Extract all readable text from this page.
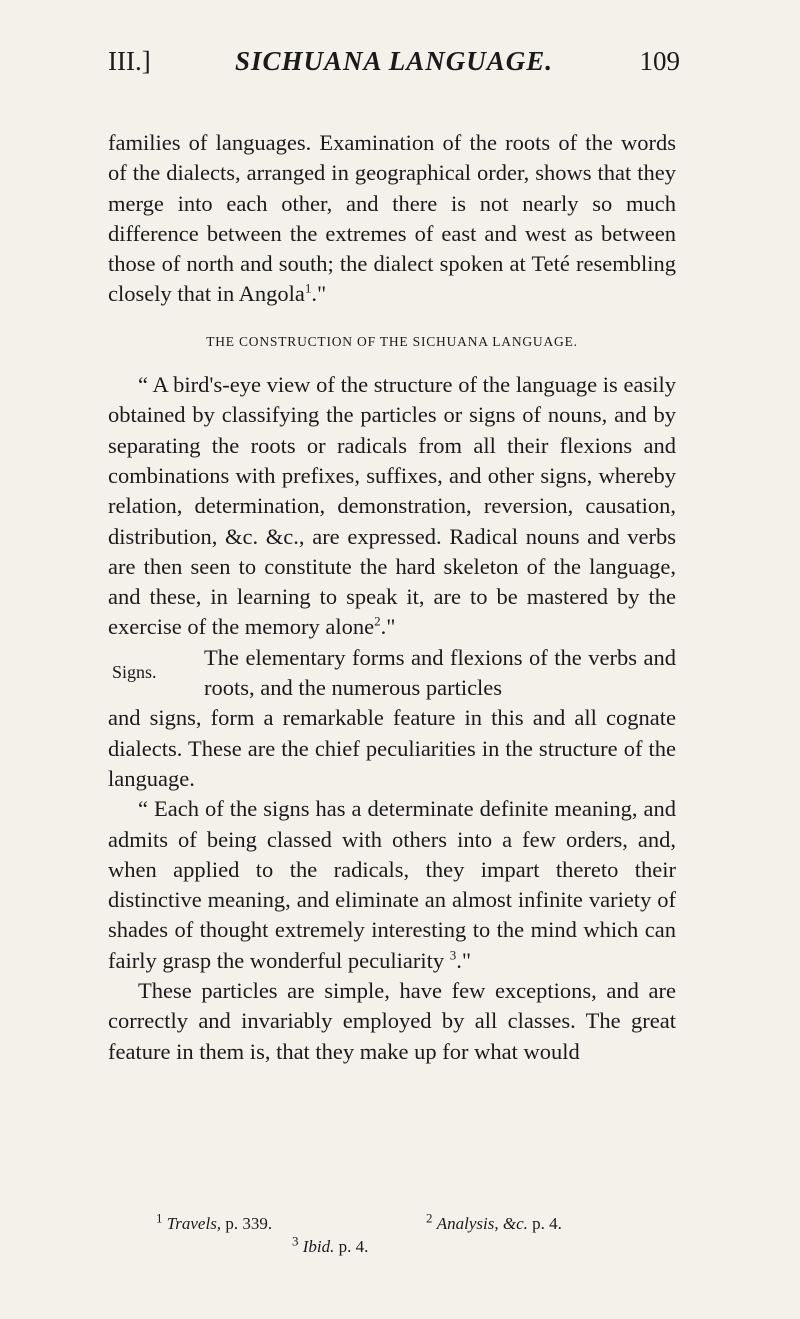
III.]	SICHUANA LANGUAGE.	109

families of languages. Examination of the roots of the words of the dialects, arranged in geographical order, shows that they merge into each other, and there is not nearly so much difference between the extremes of east and west as between those of north and south; the dialect spoken at Teté resembling closely that in Angola$^1$."

THE CONSTRUCTION OF THE SICHUANA LANGUAGE.

“ A bird's-eye view of the structure of the language is easily obtained by classifying the particles or signs of nouns, and by separating the roots or radicals from all their flexions and combinations with prefixes, suffixes, and other signs, whereby relation, determination, demonstration, reversion, causation, distribution, &c. &c., are expressed. Radical nouns and verbs are then seen to constitute the hard skeleton of the language, and these, in learning to speak it, are to be mastered by the exercise of the memory alone$^2$."

Signs.
The elementary forms and flexions of the verbs and roots, and the numerous particles

and signs, form a remarkable feature in this and all cognate dialects. These are the chief peculiarities in the structure of the language.

“ Each of the signs has a determinate definite meaning, and admits of being classed with others into a few orders, and, when applied to the radicals, they impart thereto their distinctive meaning, and eliminate an almost infinite variety of shades of thought extremely interesting to the mind which can fairly grasp the wonderful peculiarity $^3$."

These particles are simple, have few exceptions, and are correctly and invariably employed by all classes. The great feature in them is, that they make up for what would

$^1$ Travels, p. 339.	$^2$ Analysis, &c. p. 4.
$^3$ Ibid. p. 4.
